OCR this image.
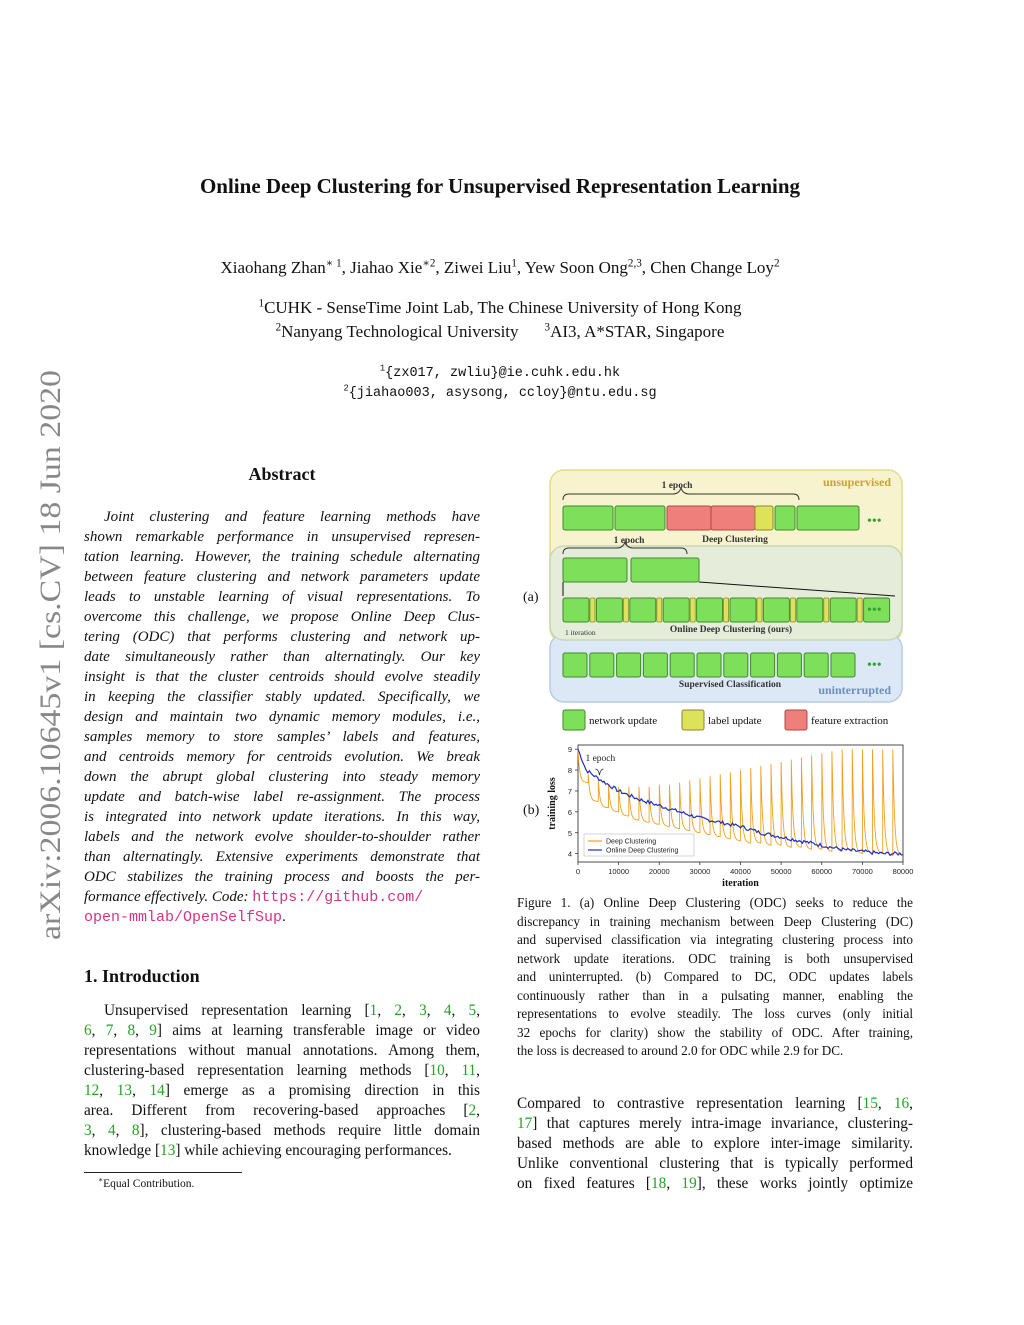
arXiv:2006.10645v1 [cs.CV] 18 Jun 2020
Online Deep Clustering for Unsupervised Representation Learning
Xiaohang Zhan$^{∗ 1}$, Jiahao Xie$^{∗2}$, Ziwei Liu$^1$, Yew Soon Ong$^{2,3}$, Chen Change Loy$^2$
$^1$CUHK - SenseTime Joint Lab, The Chinese University of Hong Kong
$^2$Nanyang Technological University $^3$AI3, A*STAR, Singapore
$^1${zx017, zwliu}@ie.cuhk.edu.hk
$^2${jiahao003, asysong, ccloy}@ntu.edu.sg
Abstract
Joint clustering and feature learning methods have
shown remarkable performance in unsupervised represen-
tation learning. However, the training schedule alternating
between feature clustering and network parameters update
leads to unstable learning of visual representations. To
overcome this challenge, we propose Online Deep Clus-
tering (ODC) that performs clustering and network up-
date simultaneously rather than alternatingly. Our key
insight is that the cluster centroids should evolve steadily
in keeping the classifier stably updated. Specifically, we
design and maintain two dynamic memory modules, i.e.,
samples memory to store samples’ labels and features,
and centroids memory for centroids evolution. We break
down the abrupt global clustering into steady memory
update and batch-wise label re-assignment. The process
is integrated into network update iterations. In this way,
labels and the network evolve shoulder-to-shoulder rather
than alternatingly. Extensive experiments demonstrate that
ODC stabilizes the training process and boosts the per-
formance effectively. Code: https://github.com/
open-mmlab/OpenSelfSup.
1. Introduction
Unsupervised representation learning [1, 2, 3, 4, 5,
6, 7, 8, 9] aims at learning transferable image or video
representations without manual annotations. Among them,
clustering-based representation learning methods [10, 11,
12, 13, 14] emerge as a promising direction in this
area. Different from recovering-based approaches [2,
3, 4, 8], clustering-based methods require little domain
knowledge [13] while achieving encouraging performances.
∗Equal Contribution.
(a)
unsupervised
uninterrupted
1 epoch
1 epoch	Deep Clustering
1 iteration	Online Deep Clustering (ours)
Supervised Classification
•••
•••
•••
network update	label update	feature extraction
(b)
0	10000	20000	30000	40000	50000	60000	70000	80000
4
5
6
7
8
9
iteration
training loss
1 epoch
Deep Clustering
Online Deep Clustering
Figure 1. (a) Online Deep Clustering (ODC) seeks to reduce the
discrepancy in training mechanism between Deep Clustering (DC)
and supervised classification via integrating clustering process into
network update iterations. ODC training is both unsupervised
and uninterrupted. (b) Compared to DC, ODC updates labels
continuously rather than in a pulsating manner, enabling the
representations to evolve steadily. The loss curves (only initial
32 epochs for clarity) show the stability of ODC. After training,
the loss is decreased to around 2.0 for ODC while 2.9 for DC.
Compared to contrastive representation learning [15, 16,
17] that captures merely intra-image invariance, clustering-
based methods are able to explore inter-image similarity.
Unlike conventional clustering that is typically performed
on fixed features [18, 19], these works jointly optimize
